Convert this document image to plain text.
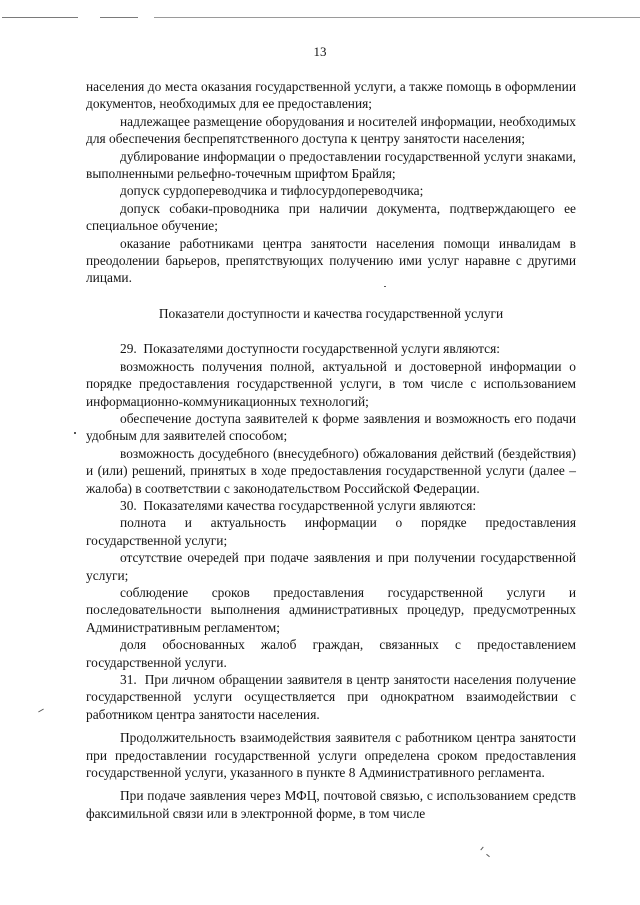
13

населения до места оказания государственной услуги, а также помощь в оформлении документов, необходимых для ее предоставления;

надлежащее размещение оборудования и носителей информации, необходимых для обеспечения беспрепятственного доступа к центру занятости населения;

дублирование информации о предоставлении государственной услуги знаками, выполненными рельефно-точечным шрифтом Брайля;

допуск сурдопереводчика и тифлосурдопереводчика;

допуск собаки-проводника при наличии документа, подтверждающего ее специальное обучение;

оказание работниками центра занятости населения помощи инвалидам в преодолении барьеров, препятствующих получению ими услуг наравне с другими лицами.

Показатели доступности и качества государственной услуги

29.  Показателями доступности государственной услуги являются:

возможность получения полной, актуальной и достоверной информации о порядке предоставления государственной услуги, в том числе с использованием информационно-коммуникационных технологий;

обеспечение доступа заявителей к форме заявления и возможность его подачи удобным для заявителей способом;

возможность досудебного (внесудебного) обжалования действий (бездействия) и (или) решений, принятых в ходе предоставления государственной услуги (далее – жалоба) в соответствии с законодательством Российской Федерации.

30.  Показателями качества государственной услуги являются:

полнота и актуальность информации о порядке предоставления государственной услуги;

отсутствие очередей при подаче заявления и при получении государственной услуги;

соблюдение сроков предоставления государственной услуги и последовательности выполнения административных процедур, предусмотренных Административным регламентом;

доля обоснованных жалоб граждан, связанных с предоставлением государственной услуги.

31.  При личном обращении заявителя в центр занятости населения получение государственной услуги осуществляется при однократном взаимодействии с работником центра занятости населения.

Продолжительность взаимодействия заявителя с работником центра занятости при предоставлении государственной услуги определена сроком предоставления государственной услуги, указанного в пункте 8 Административного регламента.

При подаче заявления через МФЦ, почтовой связью, с использованием средств факсимильной связи или в электронной форме, в том числе
